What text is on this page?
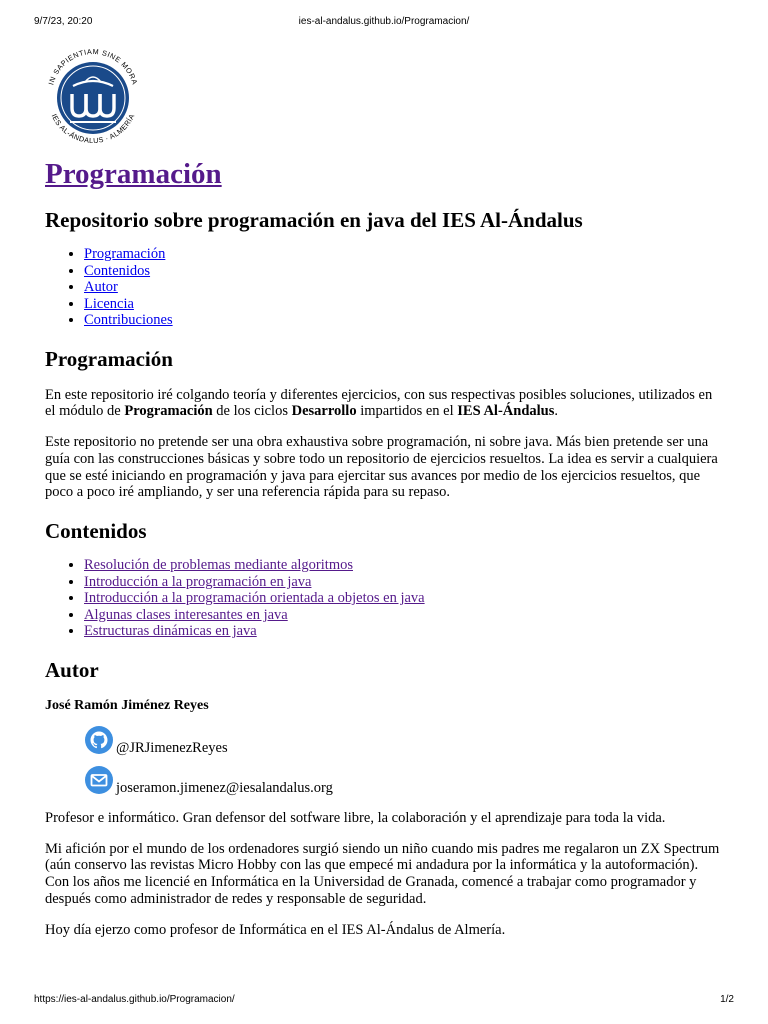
9/7/23, 20:20	ies-al-andalus.github.io/Programacion/
IN SAPIENTIAM SINE MORA
IES AL-ÁNDALUS · ALMERÍA
Programación
Repositorio sobre programación en java del IES Al-Ándalus
• Programación
• Contenidos
• Autor
• Licencia
• Contribuciones
Programación

En este repositorio iré colgando teoría y diferentes ejercicios, con sus respectivas posibles soluciones, utilizados en el módulo de Programación de los ciclos Desarrollo impartidos en el IES Al-Ándalus.

Este repositorio no pretende ser una obra exhaustiva sobre programación, ni sobre java. Más bien pretende ser una guía con las construcciones básicas y sobre todo un repositorio de ejercicios resueltos. La idea es servir a cualquiera que se esté iniciando en programación y java para ejercitar sus avances por medio de los ejercicios resueltos, que poco a poco iré ampliando, y ser una referencia rápida para su repaso.

Contenidos
• Resolución de problemas mediante algoritmos
• Introducción a la programación en java
• Introducción a la programación orientada a objetos en java
• Algunas clases interesantes en java
• Estructuras dinámicas en java
Autor
José Ramón Jiménez Reyes
@JRJimenezReyes
joseramon.jimenez@iesalandalus.org

Profesor e informático. Gran defensor del sotfware libre, la colaboración y el aprendizaje para toda la vida.

Mi afición por el mundo de los ordenadores surgió siendo un niño cuando mis padres me regalaron un ZX Spectrum (aún conservo las revistas Micro Hobby con las que empecé mi andadura por la informática y la autoformación). Con los años me licencié en Informática en la Universidad de Granada, comencé a trabajar como programador y después como administrador de redes y responsable de seguridad.

Hoy día ejerzo como profesor de Informática en el IES Al-Ándalus de Almería.

https://ies-al-andalus.github.io/Programacion/	1/2
